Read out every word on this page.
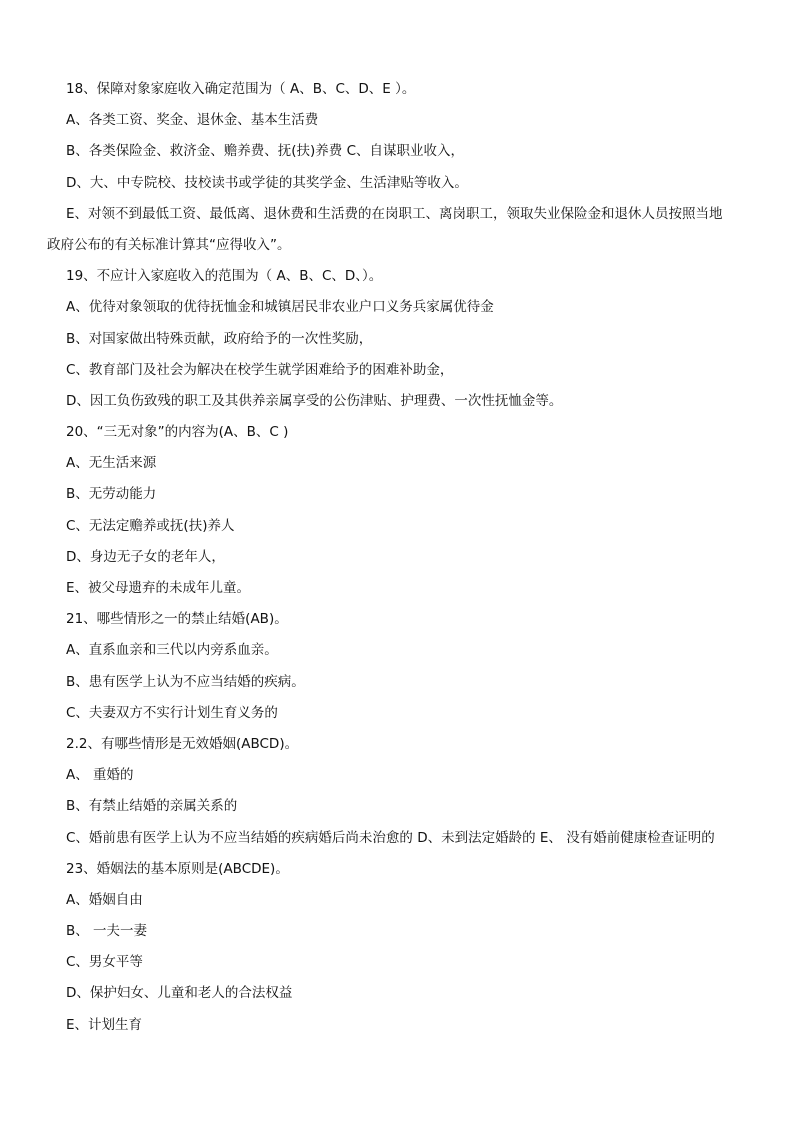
18、保障对象家庭收入确定范围为（ A、B、C、D、E ）。
A、各类工资、奖金、退休金、基本生活费
B、各类保险金、救济金、赡养费、抚(扶)养费 C、自谋职业收入，
D、大、中专院校、技校读书或学徒的其奖学金、生活津贴等收入。
E、对领不到最低工资、最低离、退休费和生活费的在岗职工、离岗职工，领取失业保险金和退休人员按照当地
政府公布的有关标准计算其“应得收入”。
19、不应计入家庭收入的范围为（ A、B、C、D、）。
A、优待对象领取的优待抚恤金和城镇居民非农业户口义务兵家属优待金
B、对国家做出特殊贡献，政府给予的一次性奖励，
C、教育部门及社会为解决在校学生就学困难给予的困难补助金，
D、因工负伤致残的职工及其供养亲属享受的公伤津贴、护理费、一次性抚恤金等。
20、“三无对象”的内容为(A、B、C )
A、无生活来源
B、无劳动能力
C、无法定赡养或抚(扶)养人
D、身边无子女的老年人，
E、被父母遗弃的未成年儿童。
21、哪些情形之一的禁止结婚(AB)。
A、直系血亲和三代以内旁系血亲。
B、患有医学上认为不应当结婚的疾病。
C、夫妻双方不实行计划生育义务的
2.2、有哪些情形是无效婚姻(ABCD)。
A、 重婚的
B、有禁止结婚的亲属关系的
C、婚前患有医学上认为不应当结婚的疾病婚后尚未治愈的 D、未到法定婚龄的 E、 没有婚前健康检查证明的
23、婚姻法的基本原则是(ABCDE)。
A、婚姻自由
B、 一夫一妻
C、男女平等
D、保护妇女、儿童和老人的合法权益
E、计划生育
